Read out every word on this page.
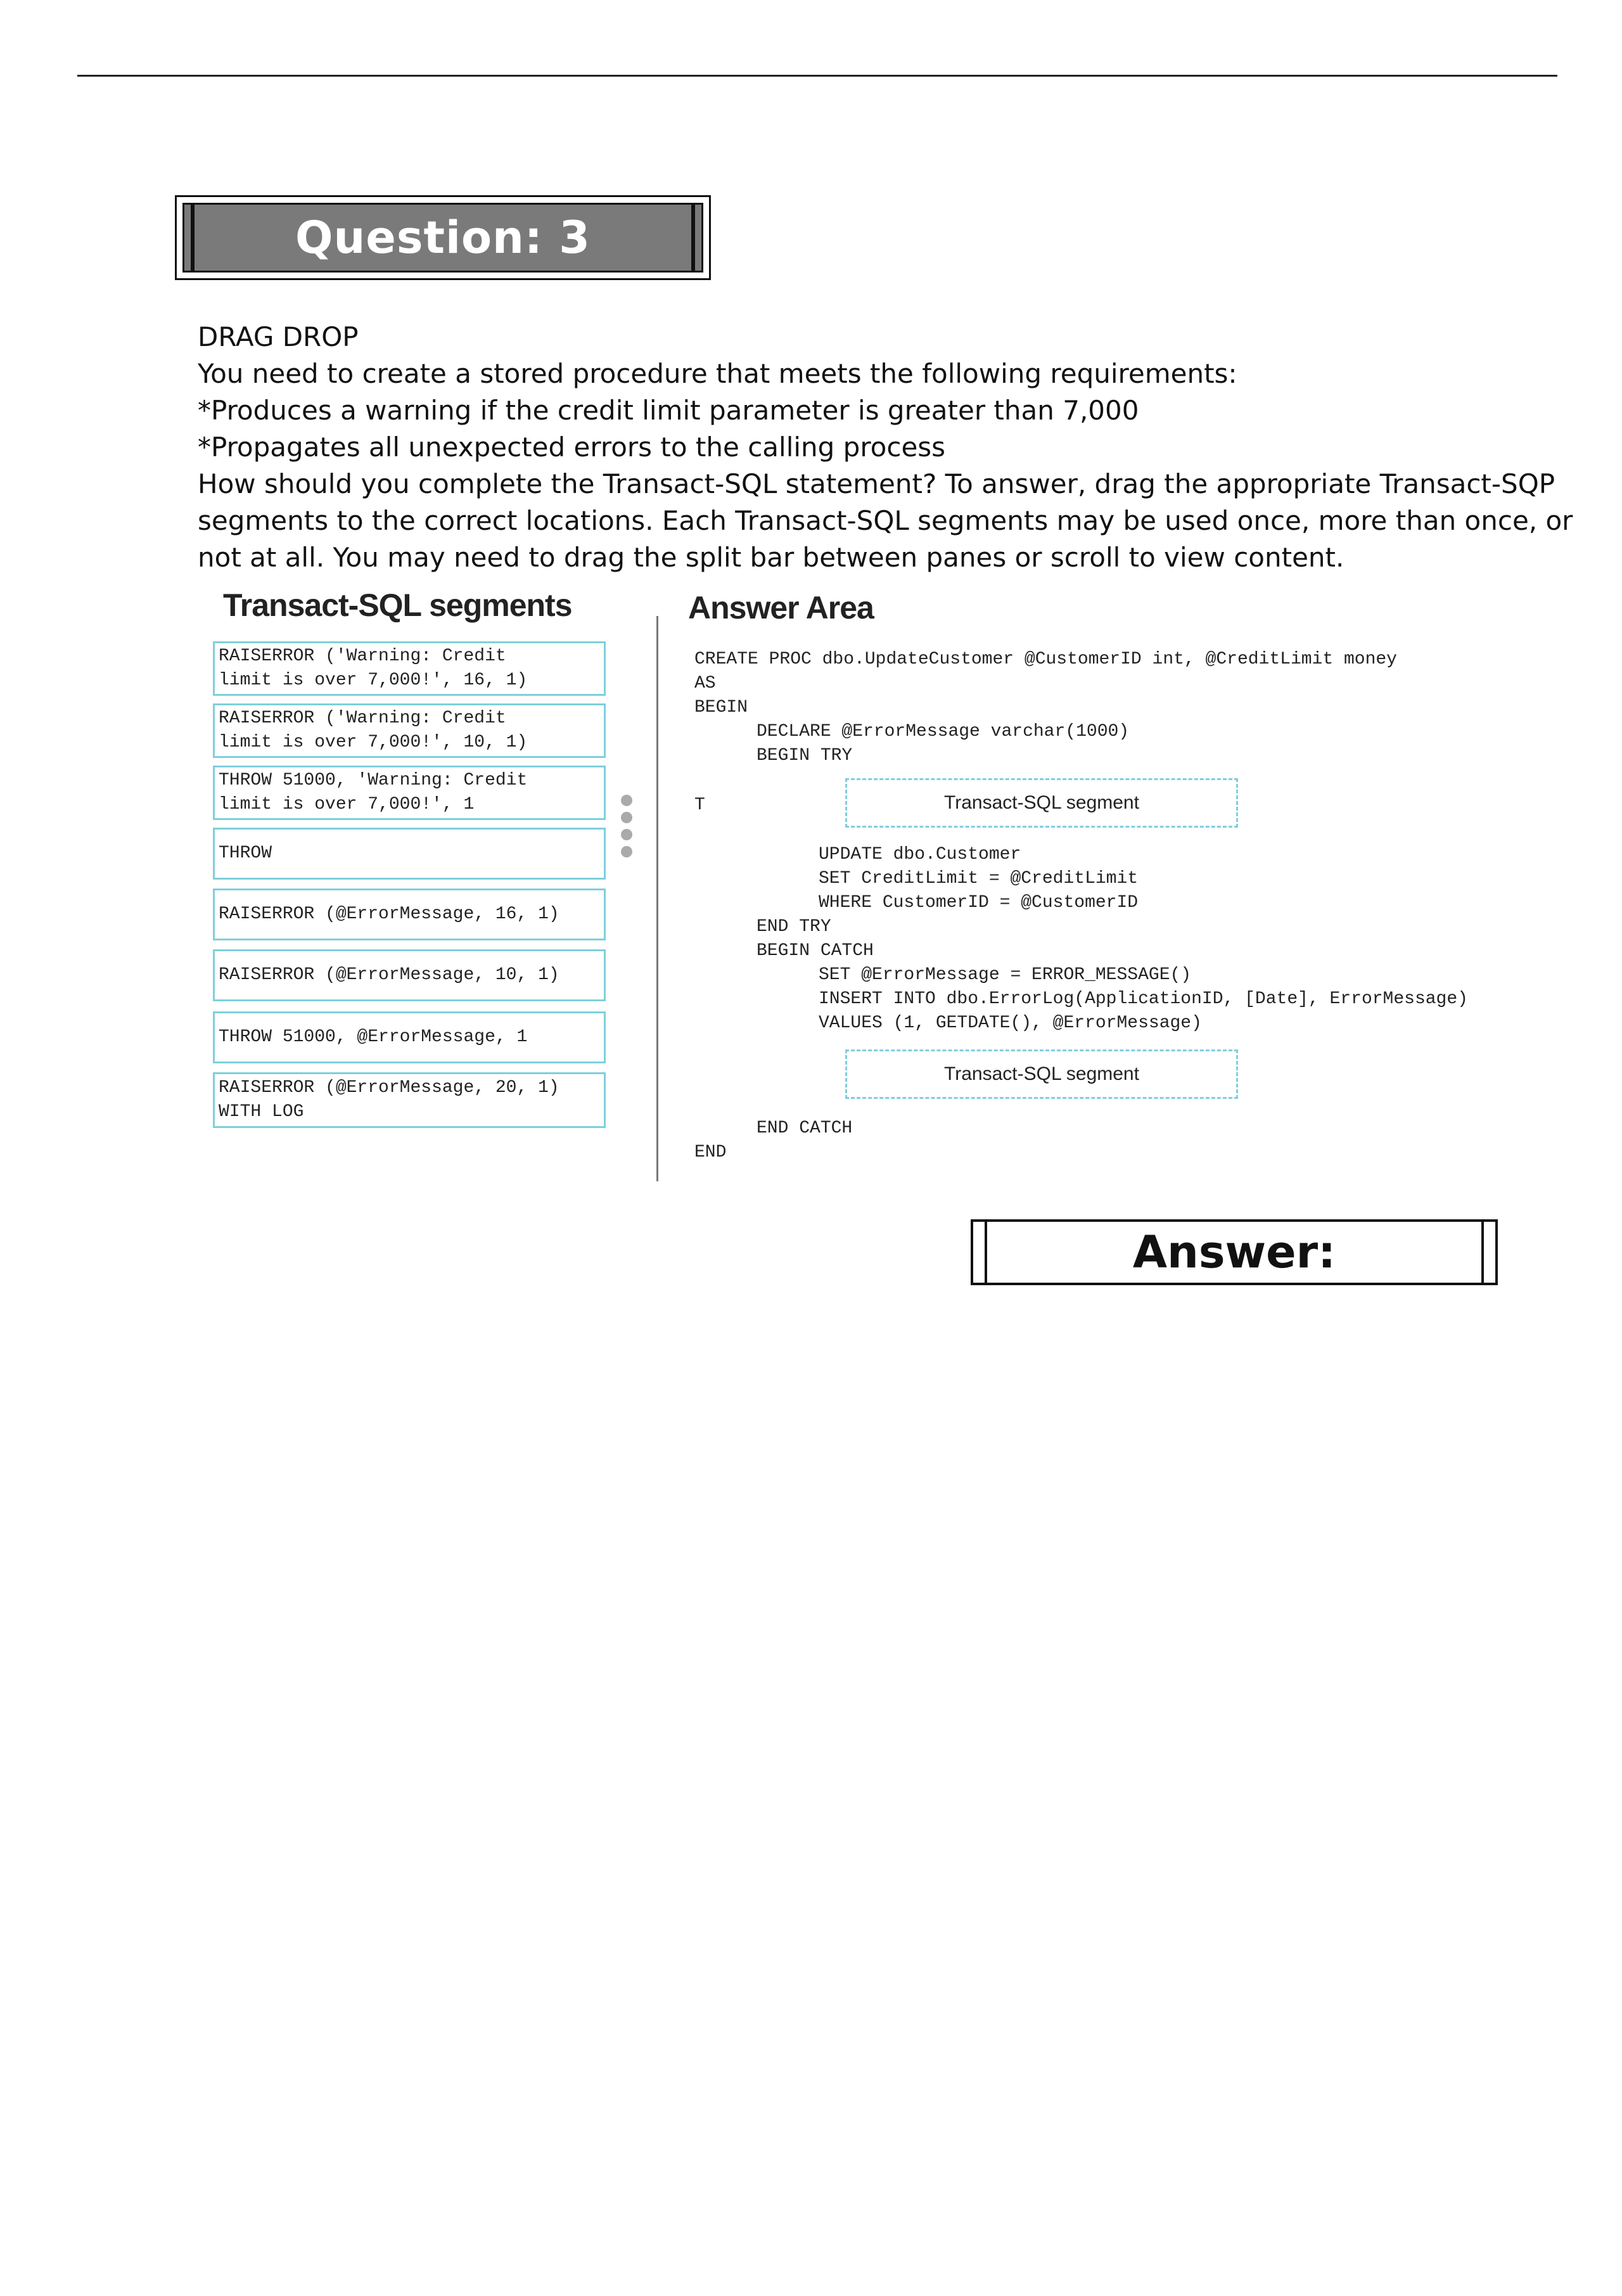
Question: 3
DRAG DROP
You need to create a stored procedure that meets the following requirements:
*Produces a warning if the credit limit parameter is greater than 7,000
*Propagates all unexpected errors to the calling process
How should you complete the Transact-SQL statement? To answer, drag the appropriate Transact-SQP
segments to the correct locations. Each Transact-SQL segments may be used once, more than once, or
not at all. You may need to drag the split bar between panes or scroll to view content.
Transact-SQL segments	Answer Area
RAISERROR ('Warning: Credit
limit is over 7,000!', 16, 1)
RAISERROR ('Warning: Credit
limit is over 7,000!', 10, 1)
THROW 51000, 'Warning: Credit
limit is over 7,000!', 1
THROW
RAISERROR (@ErrorMessage, 16, 1)
RAISERROR (@ErrorMessage, 10, 1)
THROW 51000, @ErrorMessage, 1
RAISERROR (@ErrorMessage, 20, 1)
WITH LOG
CREATE PROC dbo.UpdateCustomer @CustomerID int, @CreditLimit money
AS
BEGIN
DECLARE @ErrorMessage varchar(1000)
BEGIN TRY
T	Transact-SQL segment
UPDATE dbo.Customer
SET CreditLimit = @CreditLimit
WHERE CustomerID = @CustomerID
END TRY
BEGIN CATCH
SET @ErrorMessage = ERROR_MESSAGE()
INSERT INTO dbo.ErrorLog(ApplicationID, [Date], ErrorMessage)
VALUES (1, GETDATE(), @ErrorMessage)
Transact-SQL segment
END CATCH
END
Answer:
